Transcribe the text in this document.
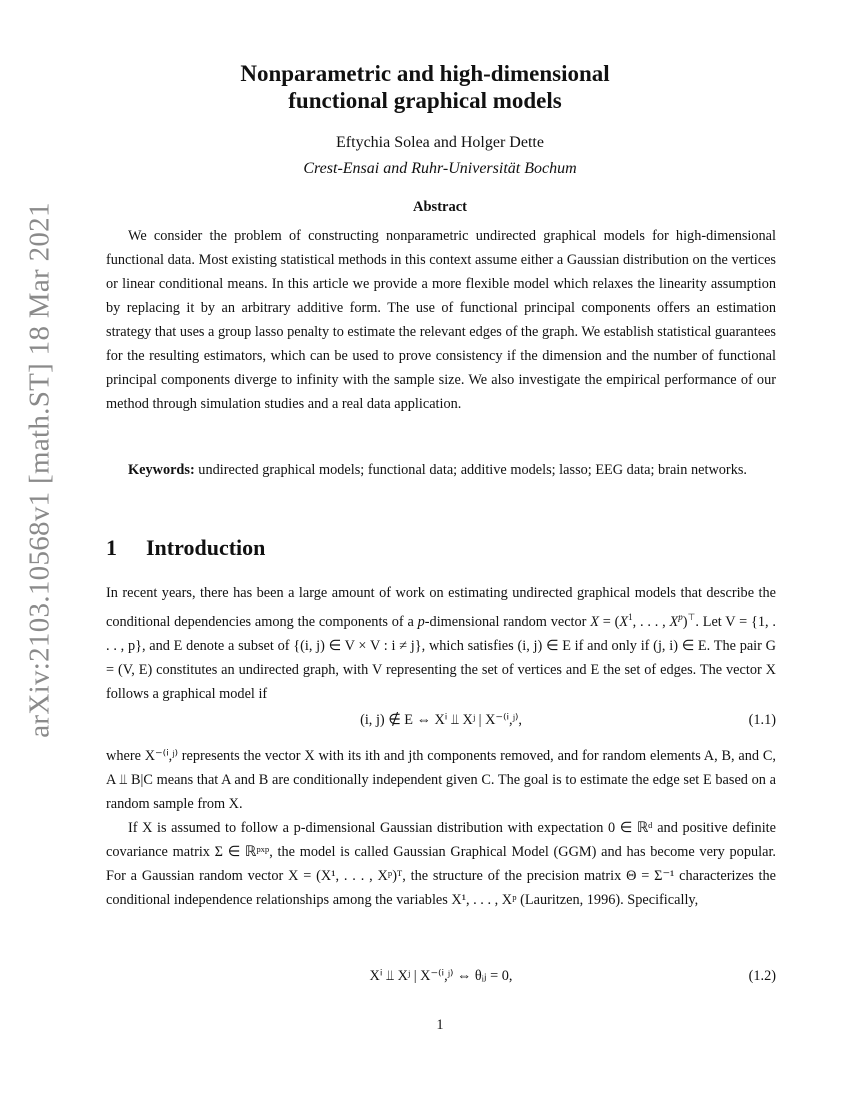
arXiv:2103.10568v1 [math.ST] 18 Mar 2021
Nonparametric and high-dimensional
functional graphical models
Eftychia Solea and Holger Dette
Crest-Ensai and Ruhr-Universität Bochum
Abstract
We consider the problem of constructing nonparametric undirected graphical models for high-dimensional functional data. Most existing statistical methods in this context assume either a Gaussian distribution on the vertices or linear conditional means. In this article we provide a more flexible model which relaxes the linearity assumption by replacing it by an arbitrary additive form. The use of functional principal components offers an estimation strategy that uses a group lasso penalty to estimate the relevant edges of the graph. We establish statistical guarantees for the resulting estimators, which can be used to prove consistency if the dimension and the number of functional principal components diverge to infinity with the sample size. We also investigate the empirical performance of our method through simulation studies and a real data application.
Keywords: undirected graphical models; functional data; additive models; lasso; EEG data; brain networks.
1 Introduction
In recent years, there has been a large amount of work on estimating undirected graphical models that describe the conditional dependencies among the components of a p-dimensional random vector $X = (X^1$, . . . , $X^p)^⊤$. Let V = {1, . . . , p}, and E denote a subset of {(i, j) ∈ V × V : i ≠ j}, which satisfies (i, j) ∈ E if and only if (j, i) ∈ E. The pair G = (V, E) constitutes an undirected graph, with V representing the set of vertices and E the set of edges. The vector X follows a graphical model if
(i, j) ∉ E ⇔ Xⁱ ⫫ Xʲ | X⁻⁽ⁱ,ʲ⁾,	(1.1)
where X⁻⁽ⁱ,ʲ⁾ represents the vector X with its ith and jth components removed, and for random elements A, B, and C, A ⫫ B|C means that A and B are conditionally independent given C. The goal is to estimate the edge set E based on a random sample from X.
If X is assumed to follow a p-dimensional Gaussian distribution with expectation 0 ∈ ℝᵈ and positive definite covariance matrix Σ ∈ ℝᵖˣᵖ, the model is called Gaussian Graphical Model (GGM) and has become very popular. For a Gaussian random vector X = (X¹, . . . , Xᵖ)ᵀ, the structure of the precision matrix Θ = Σ⁻¹ characterizes the conditional independence relationships among the variables X¹, . . . , Xᵖ (Lauritzen, 1996). Specifically,
Xⁱ ⫫ Xʲ | X⁻⁽ⁱ,ʲ⁾ ⇔ θᵢⱼ = 0,	(1.2)
1
